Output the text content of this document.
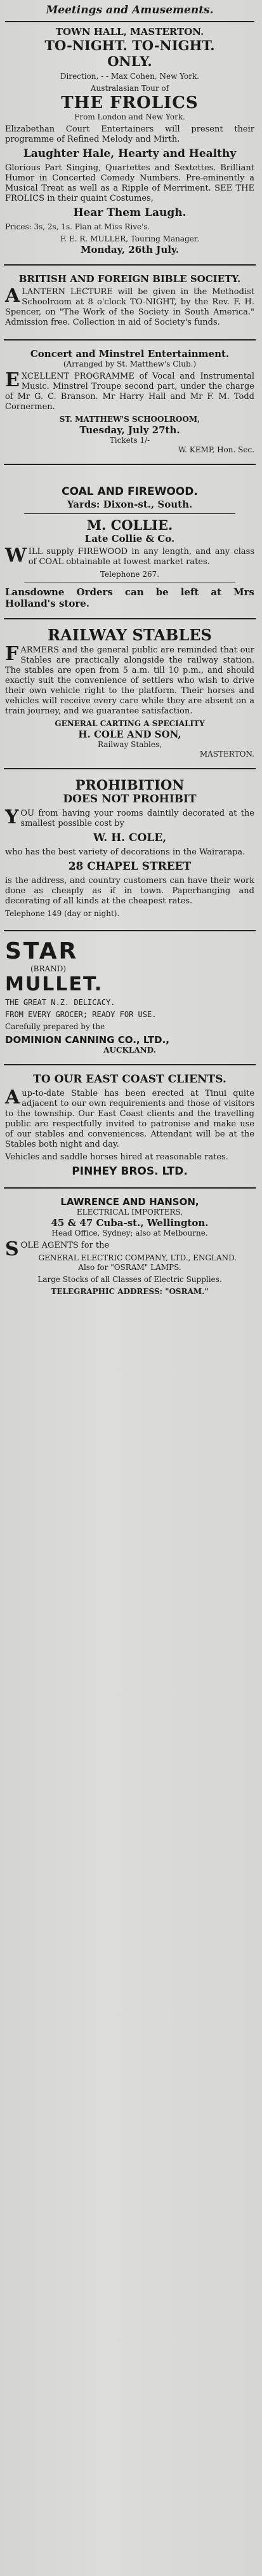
Meetings and Amusements.
TOWN HALL, MASTERTON.
TO-NIGHT. TO-NIGHT.
ONLY.
Direction, - - Max Cohen, New York.
Australasian Tour of
THE FROLICS
From London and New York.
Elizabethan Court Entertainers will present their programme of Refined Melody and Mirth.
Laughter Hale, Hearty and Healthy
Glorious Part Singing, Quartettes and Sextettes. Brilliant Humor in Concerted Comedy Numbers. Pre-eminently a Musical Treat as well as a Ripple of Merriment. SEE THE FROLICS in their quaint Costumes,
Hear Them Laugh.
Prices: 3s, 2s, 1s. Plan at Miss Rive's.
F. E. R. MULLER, Touring Manager.
Monday, 26th July.
BRITISH AND FOREIGN BIBLE SOCIETY.
ALANTERN LECTURE will be given in the Methodist Schoolroom at 8 o'clock TO-NIGHT, by the Rev. F. H. Spencer, on "The Work of the Society in South America." Admission free. Collection in aid of Society's funds.
Concert and Minstrel Entertainment.
(Arranged by St. Matthew's Club.)
EXCELLENT PROGRAMME of Vocal and Instrumental Music. Minstrel Troupe second part, under the charge of Mr G. C. Branson. Mr Harry Hall and Mr F. M. Todd Cornermen.
ST. MATTHEW'S SCHOOLROOM,
Tuesday, July 27th.
Tickets 1/-
W. KEMP, Hon. Sec.
COAL AND FIREWOOD.
Yards: Dixon-st., South.
M. COLLIE.
Late Collie & Co.
WILL supply FIREWOOD in any length, and any class of COAL obtainable at lowest market rates.
Telephone 267.
Lansdowne Orders can be left at Mrs Holland's store.
RAILWAY STABLES
FARMERS and the general public are reminded that our Stables are practically alongside the railway station. The stables are open from 5 a.m. till 10 p.m., and should exactly suit the convenience of settlers who wish to drive their own vehicle right to the platform. Their horses and vehicles will receive every care while they are absent on a train journey, and we guarantee satisfaction.
GENERAL CARTING A SPECIALITY
H. COLE AND SON,
Railway Stables,
MASTERTON.
PROHIBITION
DOES NOT PROHIBIT
YOU from having your rooms daintily decorated at the smallest possible cost by
W. H. COLE,
who has the best variety of decorations in the Wairarapa.
28 CHAPEL STREET
is the address, and country customers can have their work done as cheaply as if in town. Paperhanging and decorating of all kinds at the cheapest rates.
Telephone 149 (day or night).
STAR
(BRAND)
MULLET.
THE GREAT N.Z. DELICACY.
FROM EVERY GROCER; READY FOR USE.
Carefully prepared by the
DOMINION CANNING CO., LTD.,
AUCKLAND.
TO OUR EAST COAST CLIENTS.
Aup-to-date Stable has been erected at Tinui quite adjacent to our own requirements and those of visitors to the township. Our East Coast clients and the travelling public are respectfully invited to patronise and make use of our stables and conveniences. Attendant will be at the Stables both night and day.
Vehicles and saddle horses hired at reasonable rates.
PINHEY BROS. LTD.
LAWRENCE AND HANSON,
ELECTRICAL IMPORTERS,
45 & 47 Cuba-st., Wellington.
Head Office, Sydney; also at Melbourne.
SOLE AGENTS for the
GENERAL ELECTRIC COMPANY, LTD., ENGLAND.
Also for "OSRAM" LAMPS.
Large Stocks of all Classes of Electric Supplies.
TELEGRAPHIC ADDRESS: "OSRAM."
